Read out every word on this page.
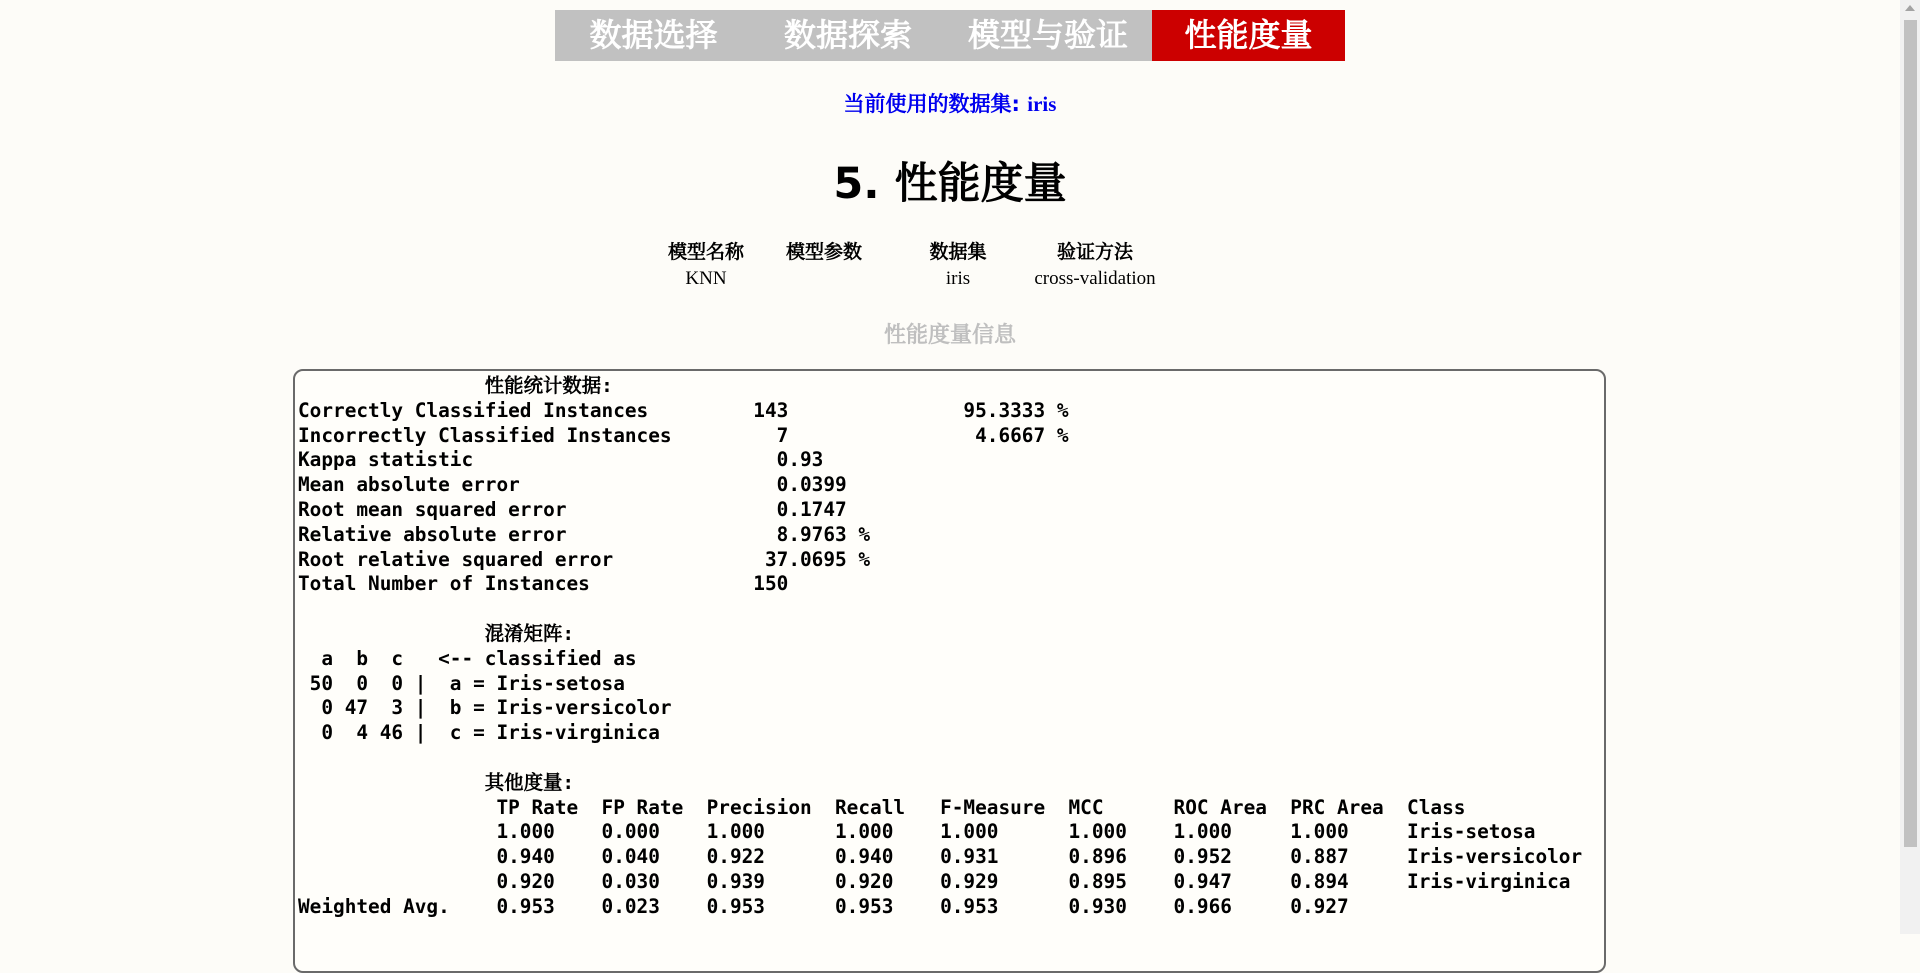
数据选择	数据探索	模型与验证	性能度量
当前使用的数据集: iris
5. 性能度量
模型名称	模型参数	数据集	验证方法
KNN		iris	cross-validation
性能度量信息
性能统计数据:
Correctly Classified Instances         143               95.3333 %
Incorrectly Classified Instances         7                4.6667 %
Kappa statistic                          0.93
Mean absolute error                      0.0399
Root mean squared error                  0.1747
Relative absolute error                  8.9763 %
Root relative squared error             37.0695 %
Total Number of Instances              150

混淆矩阵:
a  b  c   <-- classified as
50  0  0 |  a = Iris-setosa
0 47  3 |  b = Iris-versicolor
0  4 46 |  c = Iris-virginica

其他度量:
TP Rate  FP Rate  Precision  Recall   F-Measure  MCC      ROC Area  PRC Area  Class
1.000    0.000    1.000      1.000    1.000      1.000    1.000     1.000     Iris-setosa
0.940    0.040    0.922      0.940    0.931      0.896    0.952     0.887     Iris-versicolor
0.920    0.030    0.939      0.920    0.929      0.895    0.947     0.894     Iris-virginica
Weighted Avg.    0.953    0.023    0.953      0.953    0.953      0.930    0.966     0.927
